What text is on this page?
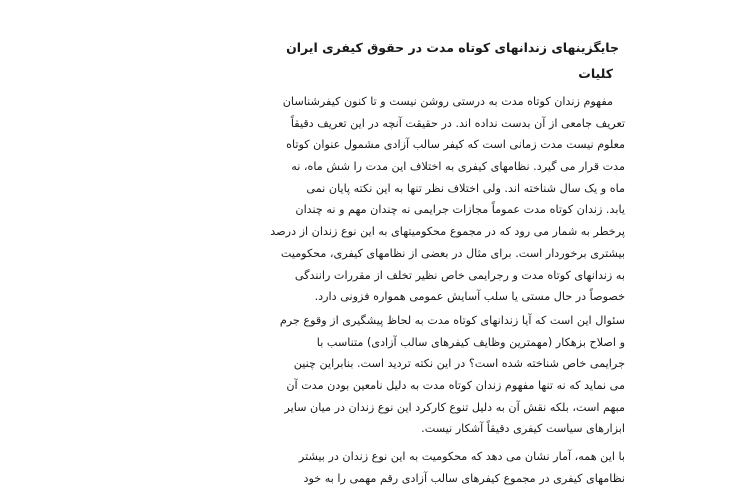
جایگزینهای زندانهای کوتاه مدت در حقوق کیفری ایران
کلیات
مفهوم زندان کوتاه مدت به درستی روشن نیست و تا کنون کیفرشناسان
تعریف جامعی از آن بدست نداده اند. در حقیقت آنچه در این تعریف دقیقاً
معلوم نیست مدت زمانی است که کیفر سالب آزادی مشمول عنوان کوتاه
مدت قرار می گیرد. نظامهای کیفری به اختلاف این مدت را شش ماه، نه
ماه و یک سال شناخته اند. ولی اختلاف نظر تنها به این نکته پایان نمی
یابد. زندان کوتاه مدت عموماً مجازات جرایمی نه چندان مهم و نه چندان
پرخطر به شمار می رود که در مجموع محکومیتهای به این نوع زندان از درصد
بیشتری برخوردار است. برای مثال در بعضی از نظامهای کیفری، محکومیت
به زندانهای کوتاه مدت و رجرایمی خاص نظیر تخلف از مقررات رانندگی
خصوصاً در حال مستی یا سلب آسایش عمومی همواره فزونی دارد.
سئوال این است که آیا زندانهای کوتاه مدت به لحاظ پیشگیری از وقوع جرم
و اصلاح بزهکار (مهمترین وظایف کیفرهای سالب آزادی) متناسب با
جرایمی خاص شناخته شده است؟ در این نکته تردید است. بنابراین چنین
می نماید که نه تنها مفهوم زندان کوتاه مدت به دلیل نامعین بودن مدت آن
مبهم است، بلکه نقش آن به دلیل تنوع کارکرد این نوع زندان در میان سایر
ابزارهای سیاست کیفری دقیقاً آشکار نیست.
با این همه، آمار نشان می دهد که محکومیت به این نوع زندان در بیشتر
نظامهای کیفری در مجموع کیفرهای سالب آزادی رقم مهمی را به خود
